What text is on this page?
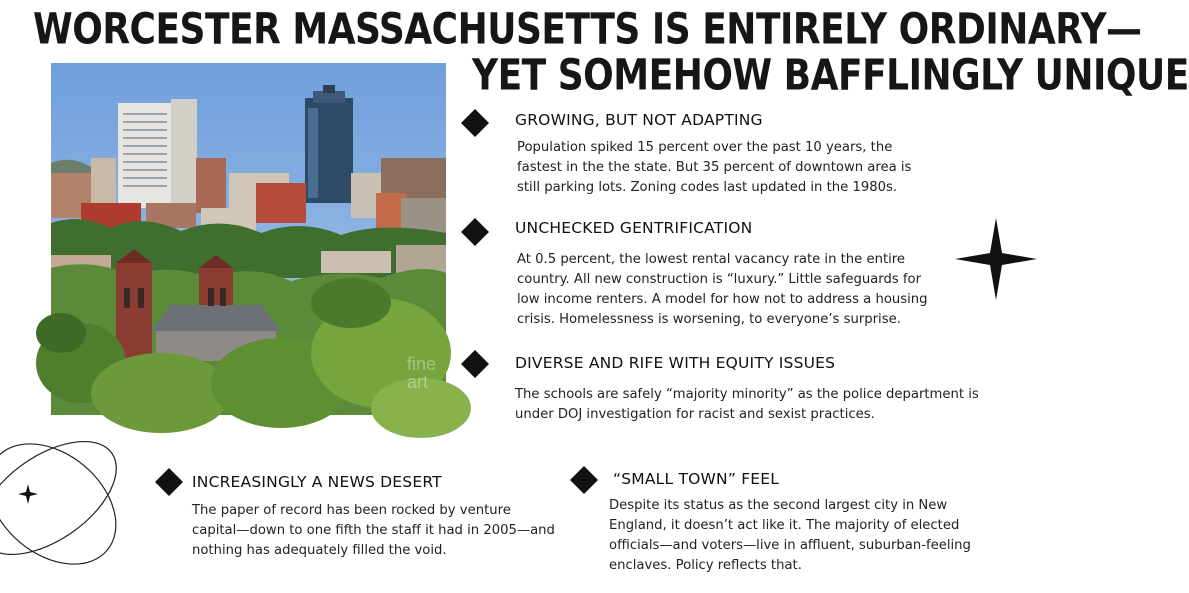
WORCESTER MASSACHUSETTS IS ENTIRELY ORDINARY—
YET SOMEHOW BAFFLINGLY UNIQUE
fine art
GROWING, BUT NOT ADAPTING
Population spiked 15 percent over the past 10 years, the fastest in the the state. But 35 percent of downtown area is still parking lots. Zoning codes last updated in the 1980s.
UNCHECKED GENTRIFICATION
At 0.5 percent, the lowest rental vacancy rate in the entire country. All new construction is “luxury.” Little safeguards for low income renters. A model for how not to address a housing crisis. Homelessness is worsening, to everyone’s surprise.
DIVERSE AND RIFE WITH EQUITY ISSUES
The schools are safely “majority minority” as the police department is under DOJ investigation for racist and sexist practices.
INCREASINGLY A NEWS DESERT
The paper of record has been rocked by venture capital—down to one fifth the staff it had in 2005—and nothing has adequately filled the void.
“SMALL TOWN” FEEL
Despite its status as the second largest city in New England, it doesn’t act like it. The majority of elected officials—and voters—live in affluent, suburban-feeling enclaves. Policy reflects that.
